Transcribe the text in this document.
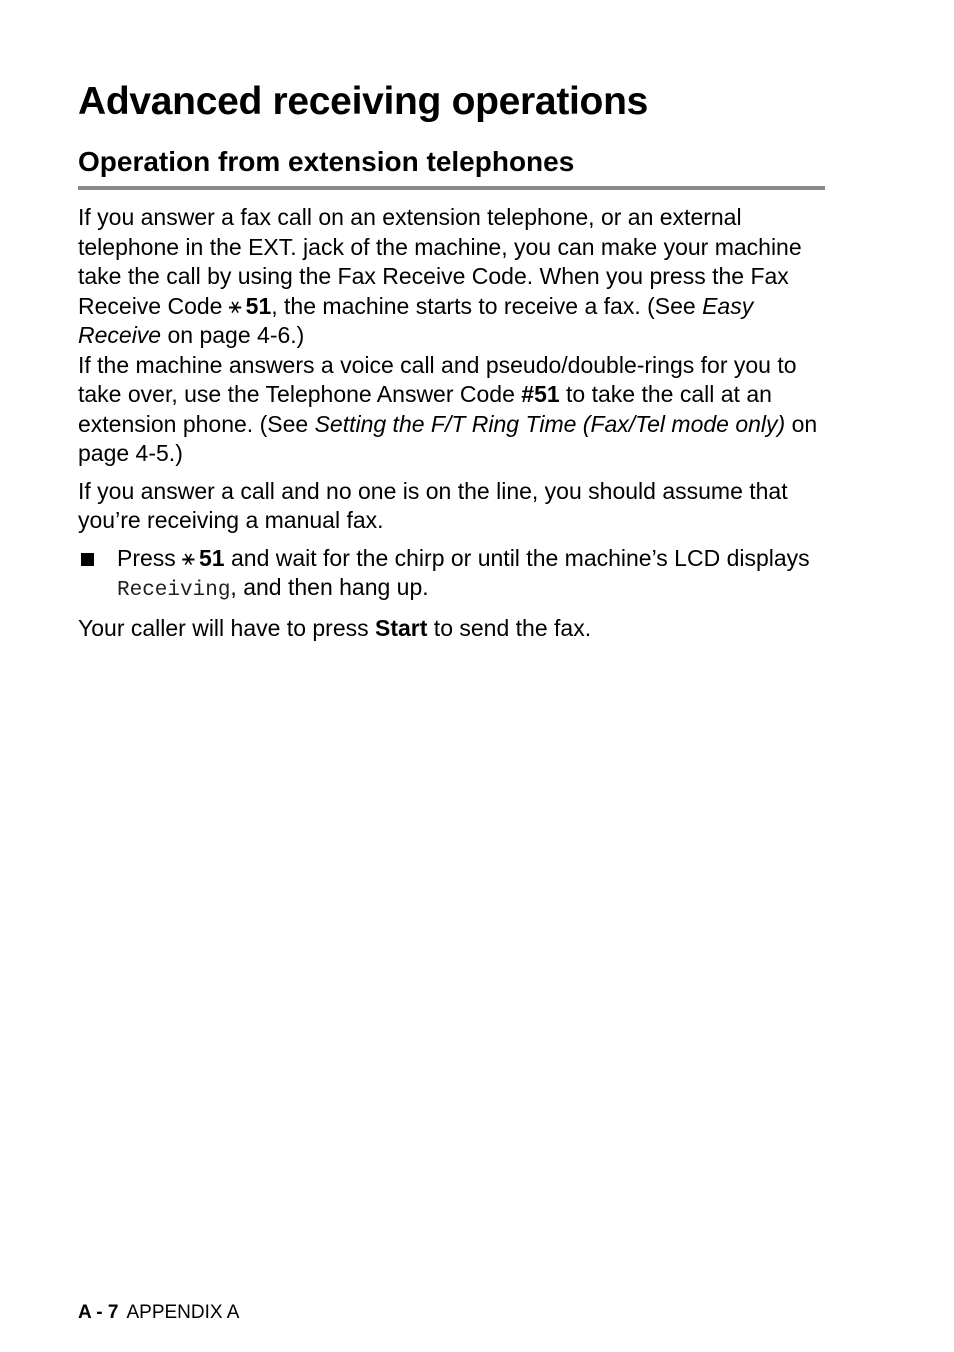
Advanced receiving operations
Operation from extension telephones

If you answer a fax call on an extension telephone, or an external telephone in the EXT. jack of the machine, you can make your machine take the call by using the Fax Receive Code. When you press the Fax Receive Code ⚹ 51, the machine starts to receive a fax. (See Easy Receive on page 4-6.)

If the machine answers a voice call and pseudo/double-rings for you to take over, use the Telephone Answer Code #51 to take the call at an extension phone. (See Setting the F/T Ring Time (Fax/Tel mode only) on page 4-5.)

If you answer a call and no one is on the line, you should assume that you’re receiving a manual fax.

Press ⚹ 51 and wait for the chirp or until the machine’s LCD displays Receiving, and then hang up.

Your caller will have to press Start to send the fax.

A - 7 APPENDIX A
